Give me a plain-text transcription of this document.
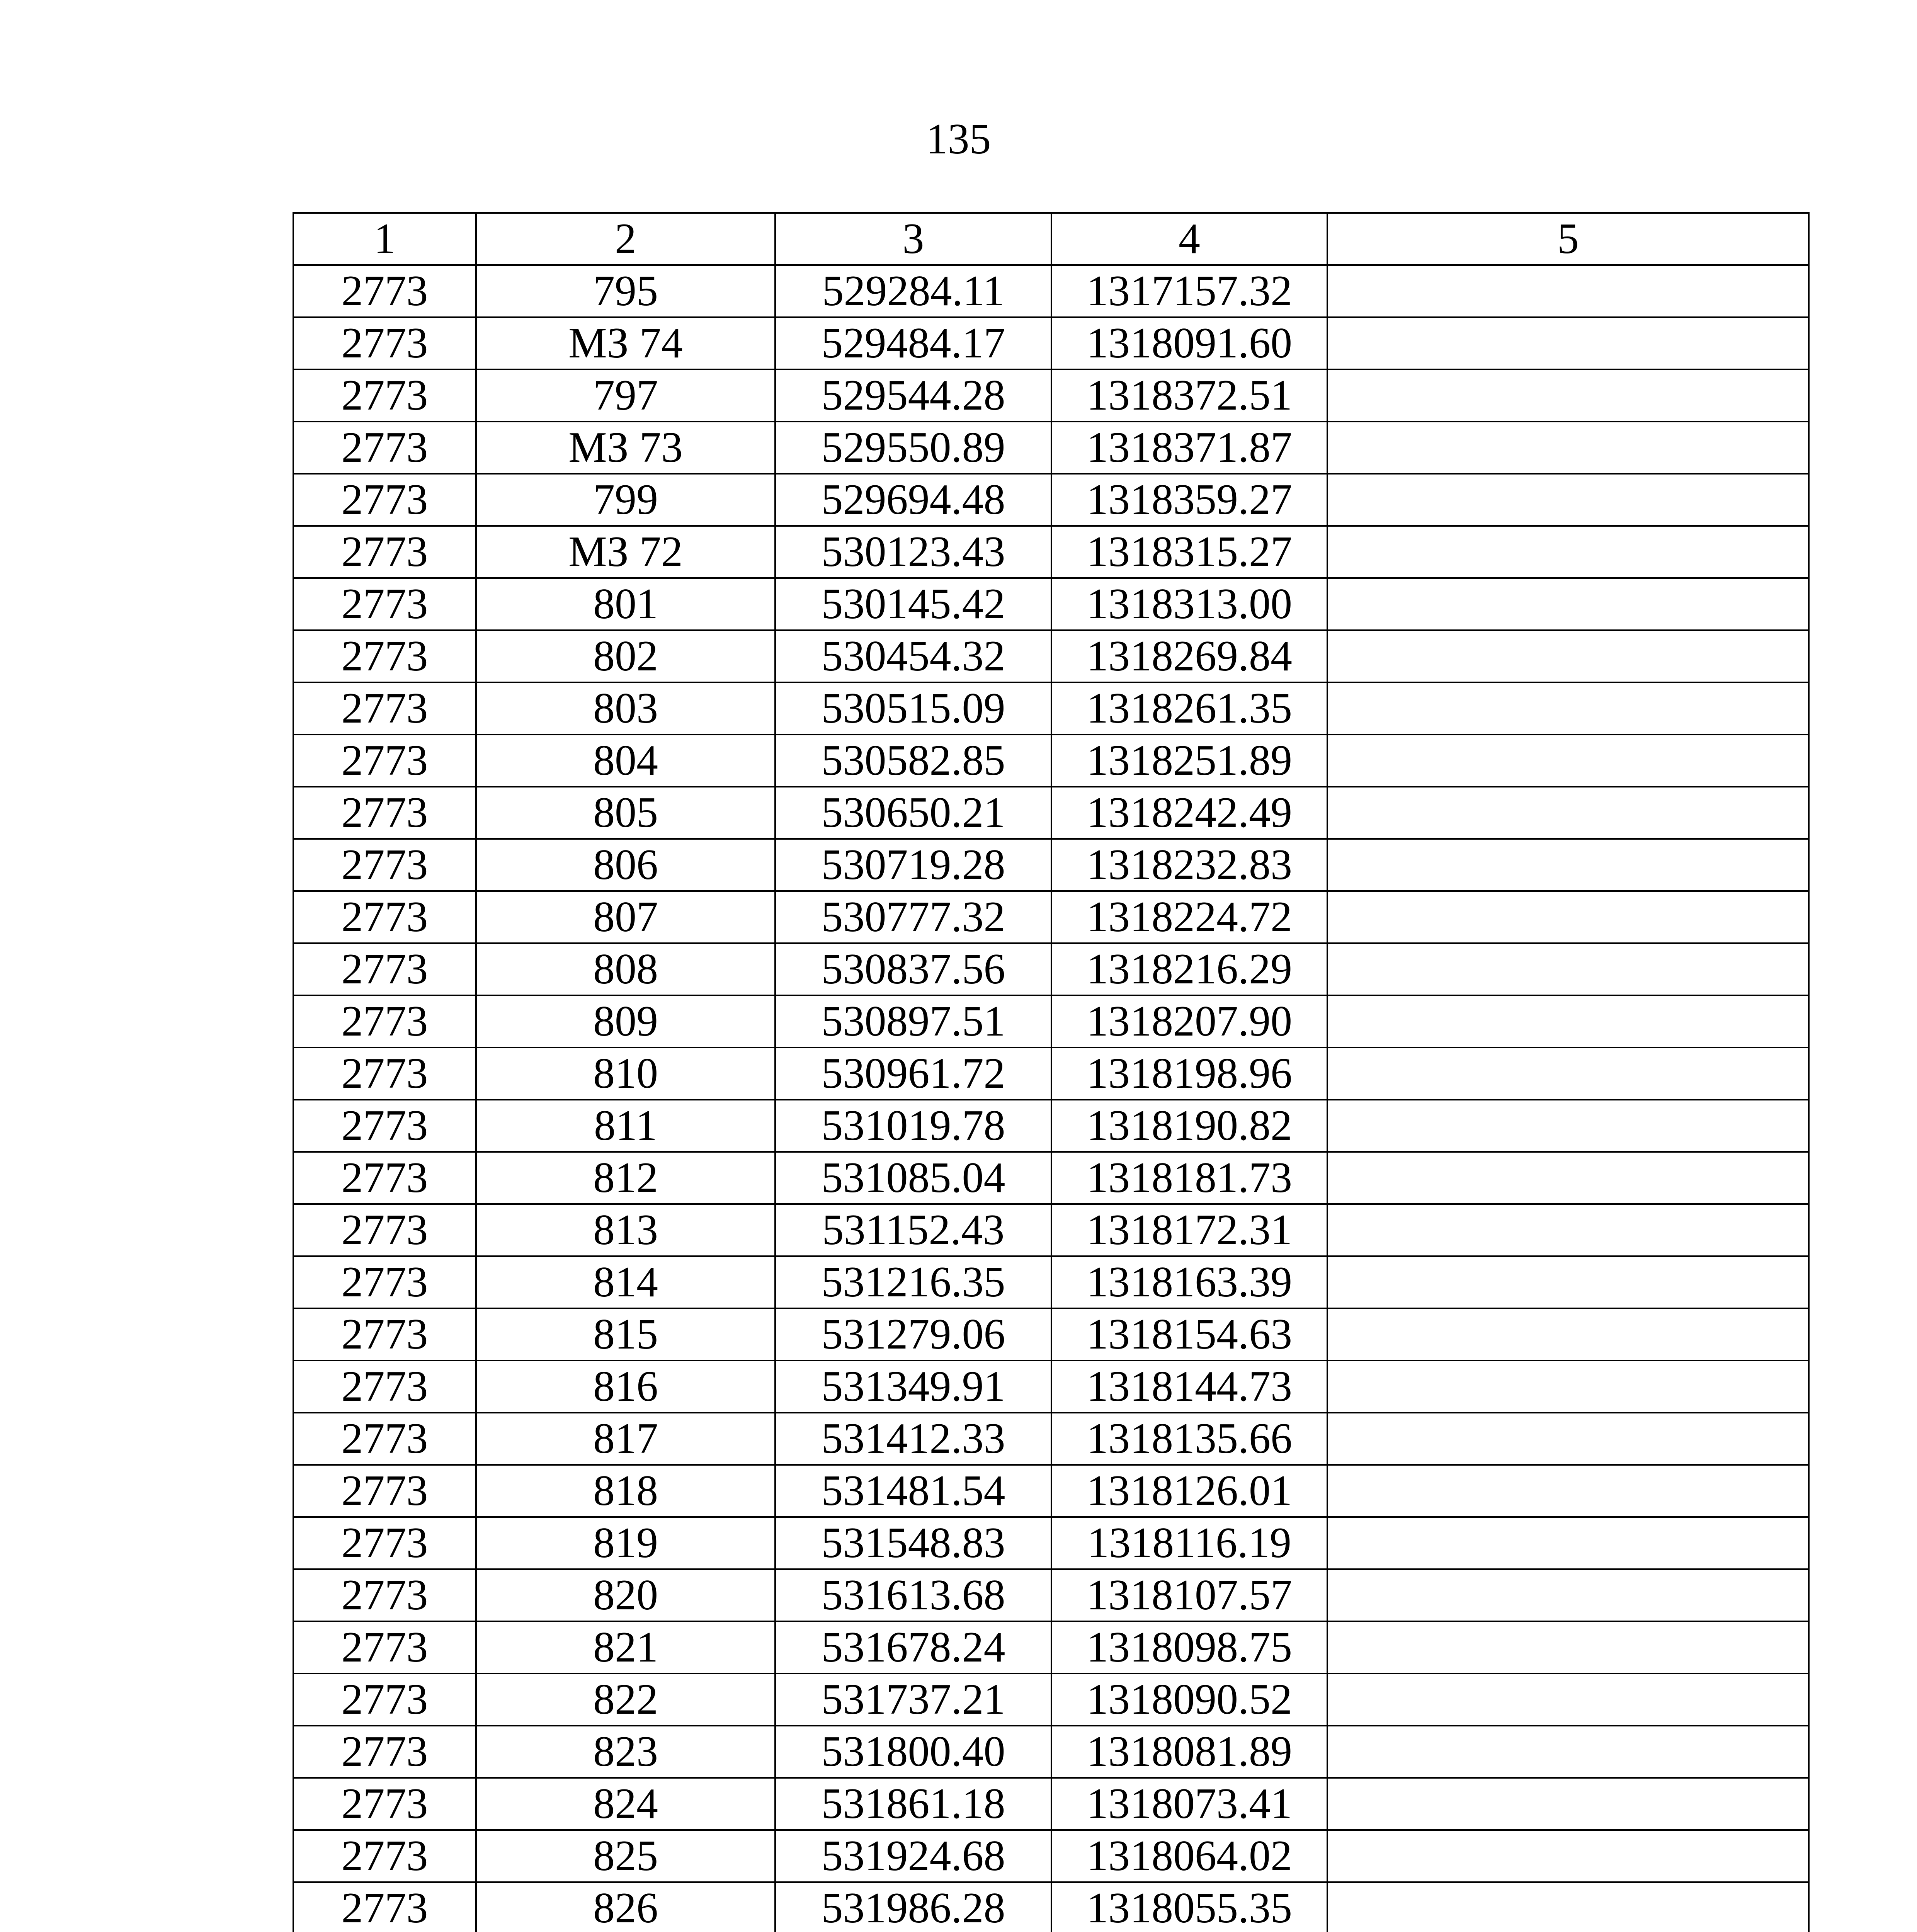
135
1	2	3	4	5
2773	795	529284.11	1317157.32	
2773	МЗ 74	529484.17	1318091.60	
2773	797	529544.28	1318372.51	
2773	МЗ 73	529550.89	1318371.87	
2773	799	529694.48	1318359.27	
2773	МЗ 72	530123.43	1318315.27	
2773	801	530145.42	1318313.00	
2773	802	530454.32	1318269.84	
2773	803	530515.09	1318261.35	
2773	804	530582.85	1318251.89	
2773	805	530650.21	1318242.49	
2773	806	530719.28	1318232.83	
2773	807	530777.32	1318224.72	
2773	808	530837.56	1318216.29	
2773	809	530897.51	1318207.90	
2773	810	530961.72	1318198.96	
2773	811	531019.78	1318190.82	
2773	812	531085.04	1318181.73	
2773	813	531152.43	1318172.31	
2773	814	531216.35	1318163.39	
2773	815	531279.06	1318154.63	
2773	816	531349.91	1318144.73	
2773	817	531412.33	1318135.66	
2773	818	531481.54	1318126.01	
2773	819	531548.83	1318116.19	
2773	820	531613.68	1318107.57	
2773	821	531678.24	1318098.75	
2773	822	531737.21	1318090.52	
2773	823	531800.40	1318081.89	
2773	824	531861.18	1318073.41	
2773	825	531924.68	1318064.02	
2773	826	531986.28	1318055.35	
